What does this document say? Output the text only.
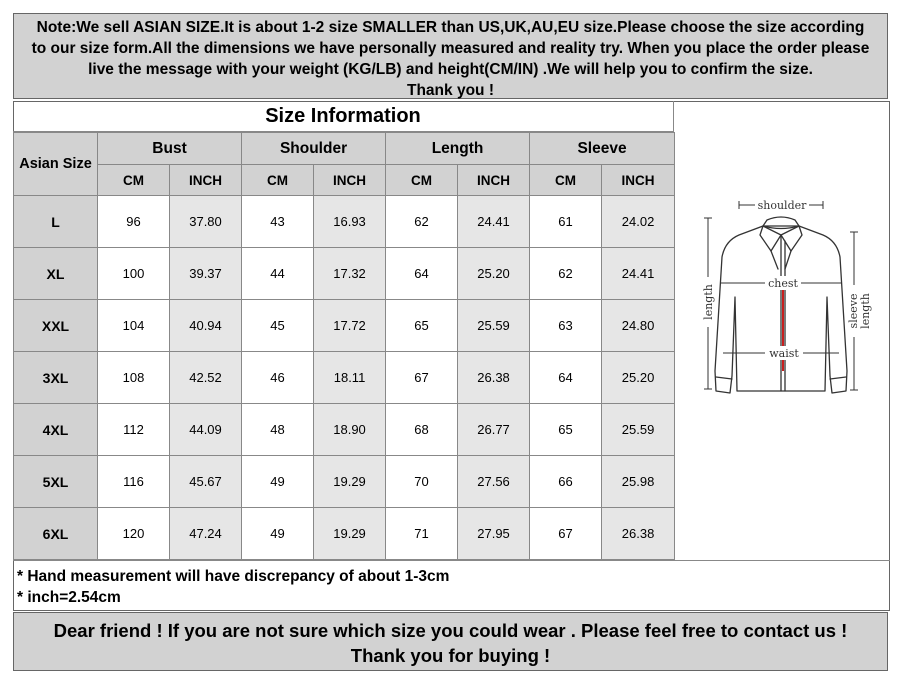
Note:We sell ASIAN SIZE.It is about 1-2 size SMALLER than US,UK,AU,EU size.Please choose the size according

to our size form.All the dimensions we have personally measured and reality try. When you place the order please

live the message with your weight (KG/LB) and height(CM/IN) .We will help you to confirm the size.

Thank you !

Size Information
Asian Size	Bust		Shoulder		Length		Sleeve	
	CM	INCH	CM	INCH	CM	INCH	CM	INCH
L	96	37.80	43	16.93	62	24.41	61	24.02
XL	100	39.37	44	17.32	64	25.20	62	24.41
XXL	104	40.94	45	17.72	65	25.59	63	24.80
3XL	108	42.52	46	18.11	67	26.38	64	25.20
4XL	112	44.09	48	18.90	68	26.77	65	25.59
5XL	116	45.67	49	19.29	70	27.56	66	25.98
6XL	120	47.24	49	19.29	71	27.95	67	26.38
shoulder
chest
waist
length	sleeve length
* Hand measurement will have discrepancy of about 1-3cm
* inch=2.54cm

Dear friend ! If you are not sure which size you could wear . Please feel free to contact us !

Thank you for buying !
